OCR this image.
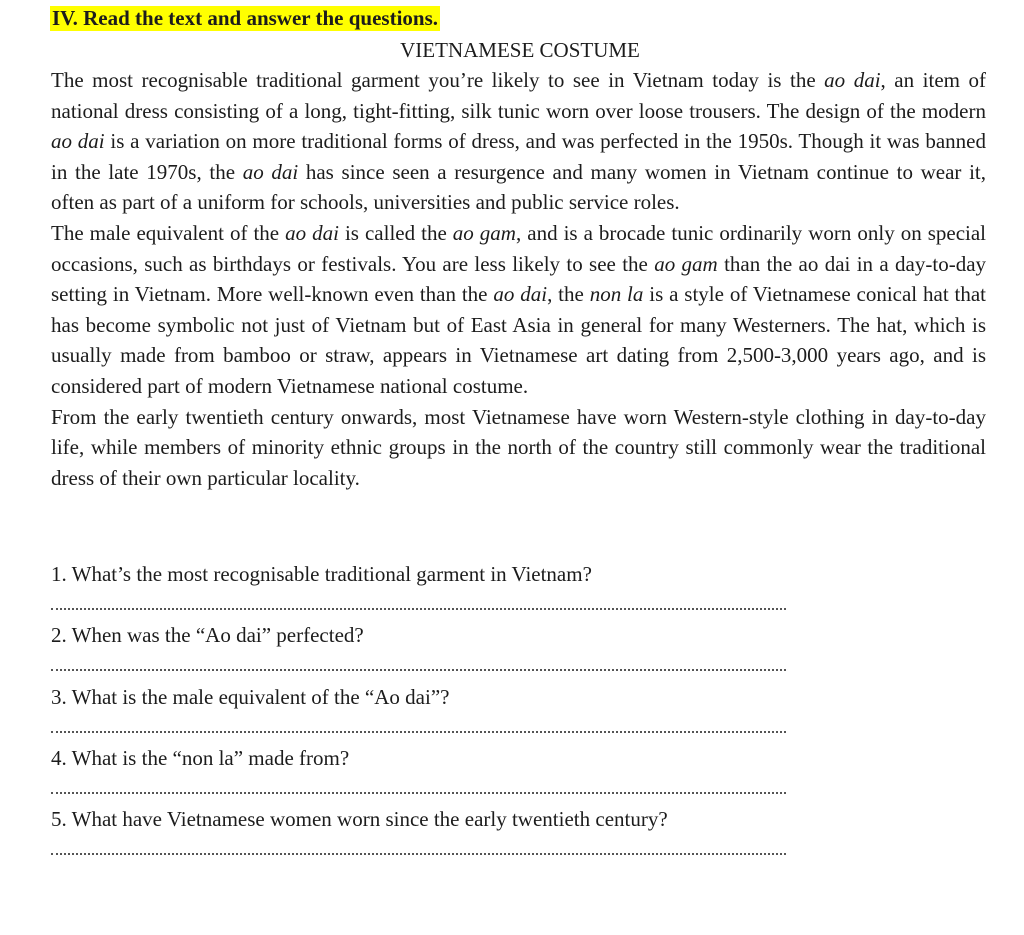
IV. Read the text and answer the questions.
VIETNAMESE COSTUME

The most recognisable traditional garment you’re likely to see in Vietnam today is the ao dai, an item of national dress consisting of a long, tight-fitting, silk tunic worn over loose trousers. The design of the modern ao dai is a variation on more traditional forms of dress, and was perfected in the 1950s. Though it was banned in the late 1970s, the ao dai has since seen a resurgence and many women in Vietnam continue to wear it, often as part of a uniform for schools, universities and public service roles.

The male equivalent of the ao dai is called the ao gam, and is a brocade tunic ordinarily worn only on special occasions, such as birthdays or festivals. You are less likely to see the ao gam than the ao dai in a day-to-day setting in Vietnam. More well-known even than the ao dai, the non la is a style of Vietnamese conical hat that has become symbolic not just of Vietnam but of East Asia in general for many Westerners. The hat, which is usually made from bamboo or straw, appears in Vietnamese art dating from 2,500-3,000 years ago, and is considered part of modern Vietnamese national costume.

From the early twentieth century onwards, most Vietnamese have worn Western-style clothing in day-to-day life, while members of minority ethnic groups in the north of the country still commonly wear the traditional dress of their own particular locality.

1. What’s the most recognisable traditional garment in Vietnam?
2. When was the “Ao dai” perfected?
3. What is the male equivalent of the “Ao dai”?
4. What is the “non la” made from?
5. What have Vietnamese women worn since the early twentieth century?
